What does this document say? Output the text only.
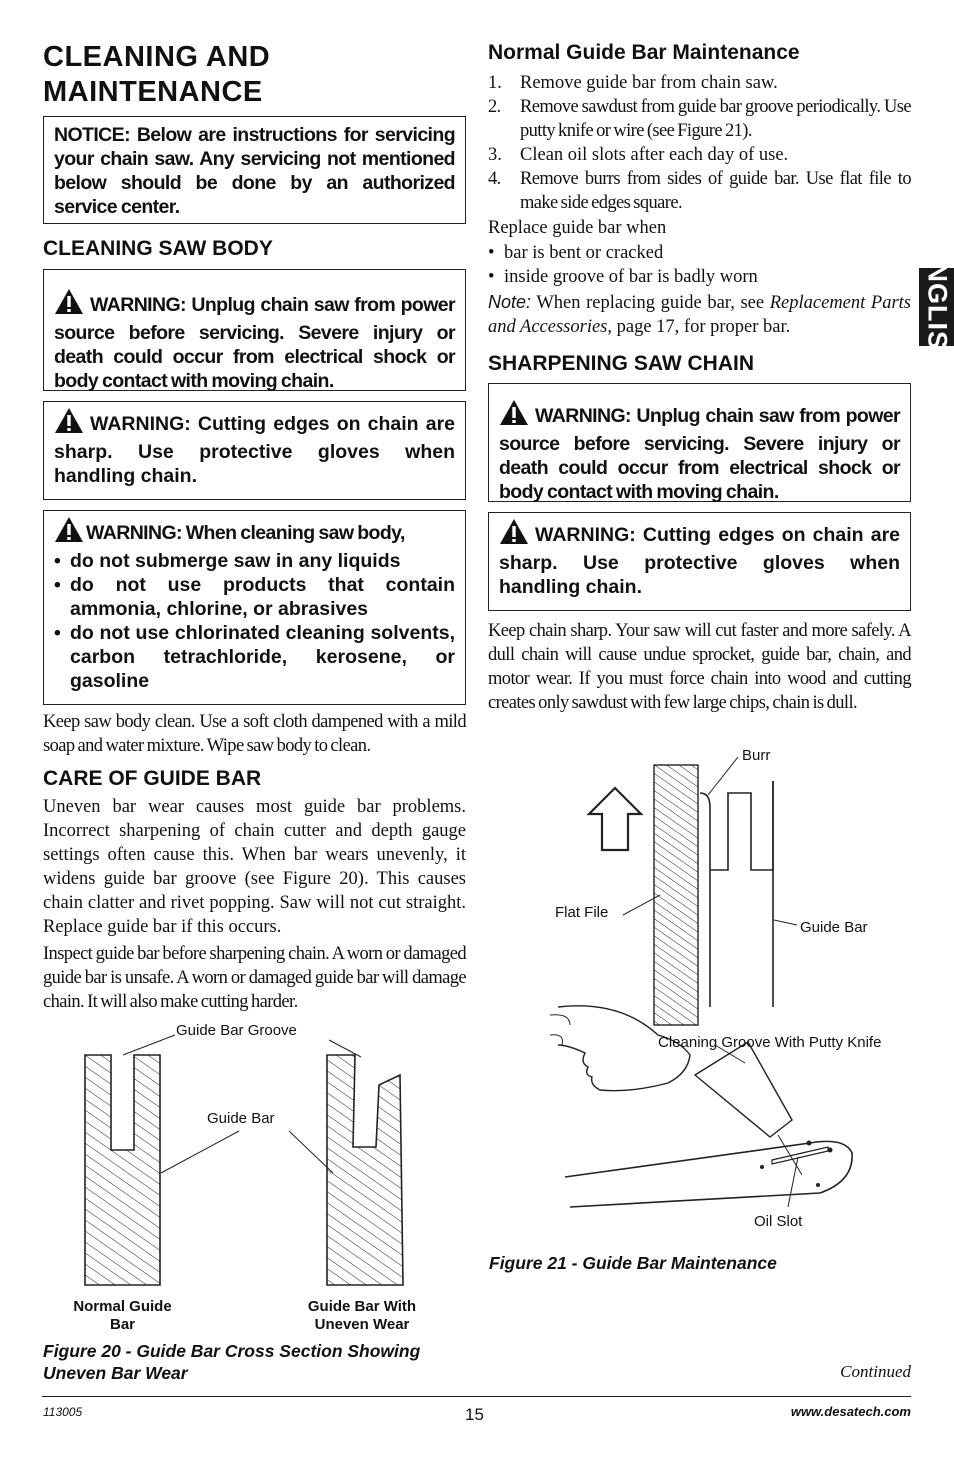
CLEANING AND
MAINTENANCE
NOTICE: Below are instructions for servicing your chain saw. Any servicing not mentioned below should be done by an authorized service center.
CLEANING SAW BODY
WARNING: Unplug chain saw from power source before servicing. Severe injury or death could occur from electrical shock or body contact with moving chain.
WARNING: Cutting edges on chain are sharp. Use protective gloves when handling chain.
WARNING: When cleaning saw body,
• do not submerge saw in any liquids
• do not use products that contain ammonia, chlorine, or abrasives
• do not use chlorinated cleaning solvents, carbon tetrachloride, kerosene, or gasoline

Keep saw body clean. Use a soft cloth dampened with a mild soap and water mixture. Wipe saw body to clean.

CARE OF GUIDE BAR

Uneven bar wear causes most guide bar problems. Incorrect sharpening of chain cutter and depth gauge settings often cause this. When bar wears unevenly, it widens guide bar groove (see Figure 20). This causes chain clatter and rivet popping. Saw will not cut straight. Replace guide bar if this occurs.

Inspect guide bar before sharpening chain. A worn or damaged guide bar is unsafe. A worn or damaged guide bar will damage chain. It will also make cutting harder.

Guide Bar Groove
Guide Bar
Normal Guide
Bar
Guide Bar With
Uneven Wear
Figure 20 - Guide Bar Cross Section Showing
Uneven Bar Wear
Normal Guide Bar Maintenance
1. Remove guide bar from chain saw.
2. Remove sawdust from guide bar groove periodically. Use putty knife or wire (see Figure 21).
3. Clean oil slots after each day of use.
4. Remove burrs from sides of guide bar. Use flat file to make side edges square.
Replace guide bar when
• bar is bent or cracked
• inside groove of bar is badly worn
Note: When replacing guide bar, see Replacement Parts and Accessories, page 17, for proper bar.
SHARPENING SAW CHAIN
WARNING: Unplug chain saw from power source before servicing. Severe injury or death could occur from electrical shock or body contact with moving chain.
WARNING: Cutting edges on chain are sharp. Use protective gloves when handling chain.

Keep chain sharp. Your saw will cut faster and more safely. A dull chain will cause undue sprocket, guide bar, chain, and motor wear. If you must force chain into wood and cutting creates only sawdust with few large chips, chain is dull.

Burr
Flat File
Guide Bar
Cleaning Groove With Putty Knife
Oil Slot
Figure 21 - Guide Bar Maintenance
Continued
ENGLISH
113005	15	www.desatech.com
